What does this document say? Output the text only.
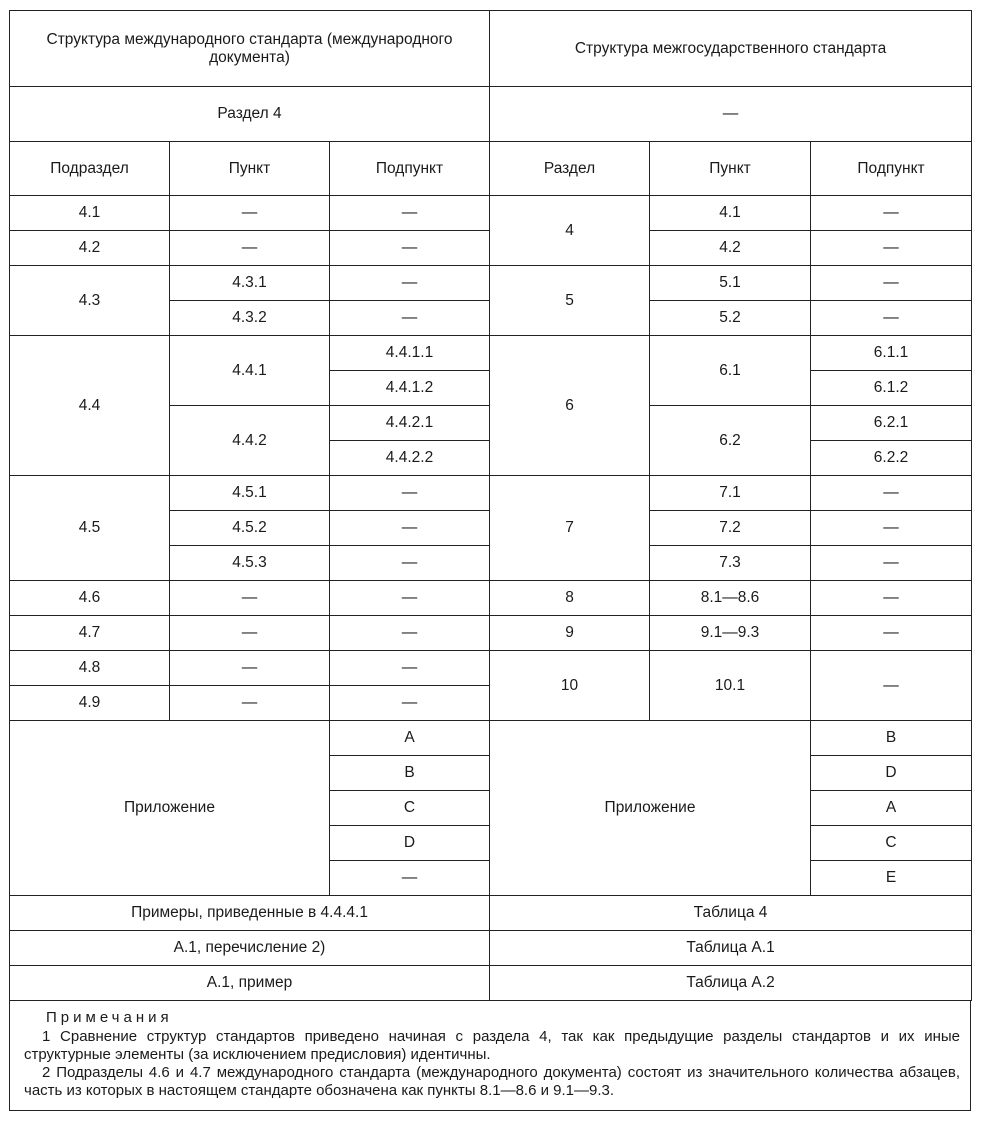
Структура международного стандарта (международного документа)			Структура межгосударственного стандарта		
Раздел 4			—		
Подраздел	Пункт	Подпункт	Раздел	Пункт	Подпункт
4.1	—	—	4	4.1	—
4.2	—	—		4.2	—
4.3	4.3.1	—	5	5.1	—
	4.3.2	—		5.2	—
4.4	4.4.1	4.4.1.1	6	6.1	6.1.1
		4.4.1.2			6.1.2
	4.4.2	4.4.2.1		6.2	6.2.1
		4.4.2.2			6.2.2
4.5	4.5.1	—	7	7.1	—
	4.5.2	—		7.2	—
	4.5.3	—		7.3	—
4.6	—	—	8	8.1—8.6	—
4.7	—	—	9	9.1—9.3	—
4.8	—	—	10	10.1	—
4.9	—	—			
Приложение		A	Приложение		B
		B			D
		C			A
		D			C
		—			E
Примеры, приведенные в 4.4.4.1			Таблица 4		
А.1, перечисление 2)			Таблица А.1		
А.1, пример			Таблица А.2		
Примечания

1 Сравнение структур стандартов приведено начиная с раздела 4, так как предыдущие разделы стандартов и их иные структурные элементы (за исключением предисловия) идентичны.

2 Подразделы 4.6 и 4.7 международного стандарта (международного документа) состоят из значительного количества абзацев, часть из которых в настоящем стандарте обозначена как пункты 8.1—8.6 и 9.1—9.3.
